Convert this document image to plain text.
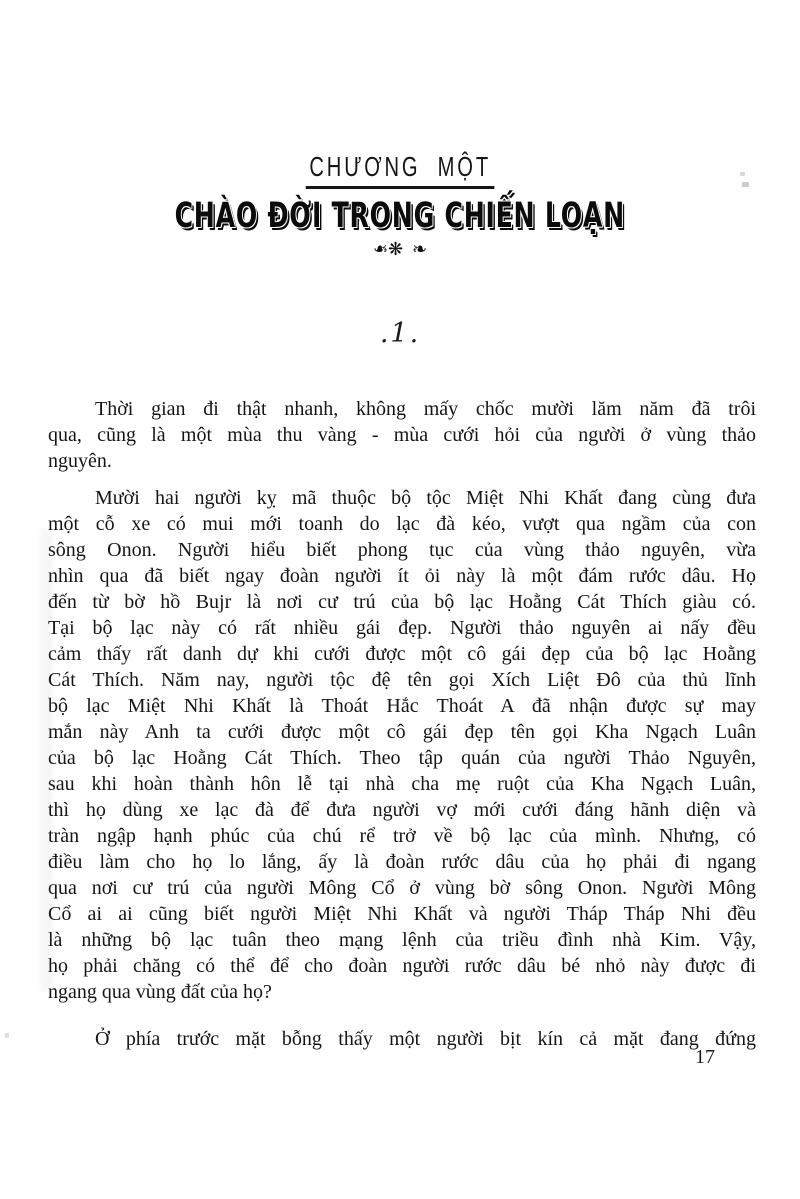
CHƯƠNG MỘT
CHÀO ĐỜI TRONG CHIẾN LOẠN
❧❋❧
.1.
Thời gian đi thật nhanh, không mấy chốc mười lăm năm đã trôi
qua, cũng là một mùa thu vàng - mùa cưới hỏi của người ở vùng thảo
nguyên.
Mười hai người kỵ mã thuộc bộ tộc Miệt Nhi Khất đang cùng đưa
một cỗ xe có mui mới toanh do lạc đà kéo, vượt qua ngầm của con
sông Onon. Người hiểu biết phong tục của vùng thảo nguyên, vừa
nhìn qua đã biết ngay đoàn người ít ỏi này là một đám rước dâu. Họ
đến từ bờ hồ Bujr là nơi cư trú của bộ lạc Hoằng Cát Thích giàu có.
Tại bộ lạc này có rất nhiều gái đẹp. Người thảo nguyên ai nấy đều
cảm thấy rất danh dự khi cưới được một cô gái đẹp của bộ lạc Hoằng
Cát Thích. Năm nay, người tộc đệ tên gọi Xích Liệt Đô của thủ lĩnh
bộ lạc Miệt Nhi Khất là Thoát Hắc Thoát A đã nhận được sự may
mắn này Anh ta cưới được một cô gái đẹp tên gọi Kha Ngạch Luân
của bộ lạc Hoằng Cát Thích. Theo tập quán của người Thảo Nguyên,
sau khi hoàn thành hôn lễ tại nhà cha mẹ ruột của Kha Ngạch Luân,
thì họ dùng xe lạc đà để đưa người vợ mới cưới đáng hãnh diện và
tràn ngập hạnh phúc của chú rể trở về bộ lạc của mình. Nhưng, có
điều làm cho họ lo lắng, ấy là đoàn rước dâu của họ phải đi ngang
qua nơi cư trú của người Mông Cổ ở vùng bờ sông Onon. Người Mông
Cổ ai ai cũng biết người Miệt Nhi Khất và người Tháp Tháp Nhi đều
là những bộ lạc tuân theo mạng lệnh của triều đình nhà Kim. Vậy,
họ phải chăng có thể để cho đoàn người rước dâu bé nhỏ này được đi
ngang qua vùng đất của họ?
Ở phía trước mặt bỗng thấy một người bịt kín cả mặt đang đứng
17
